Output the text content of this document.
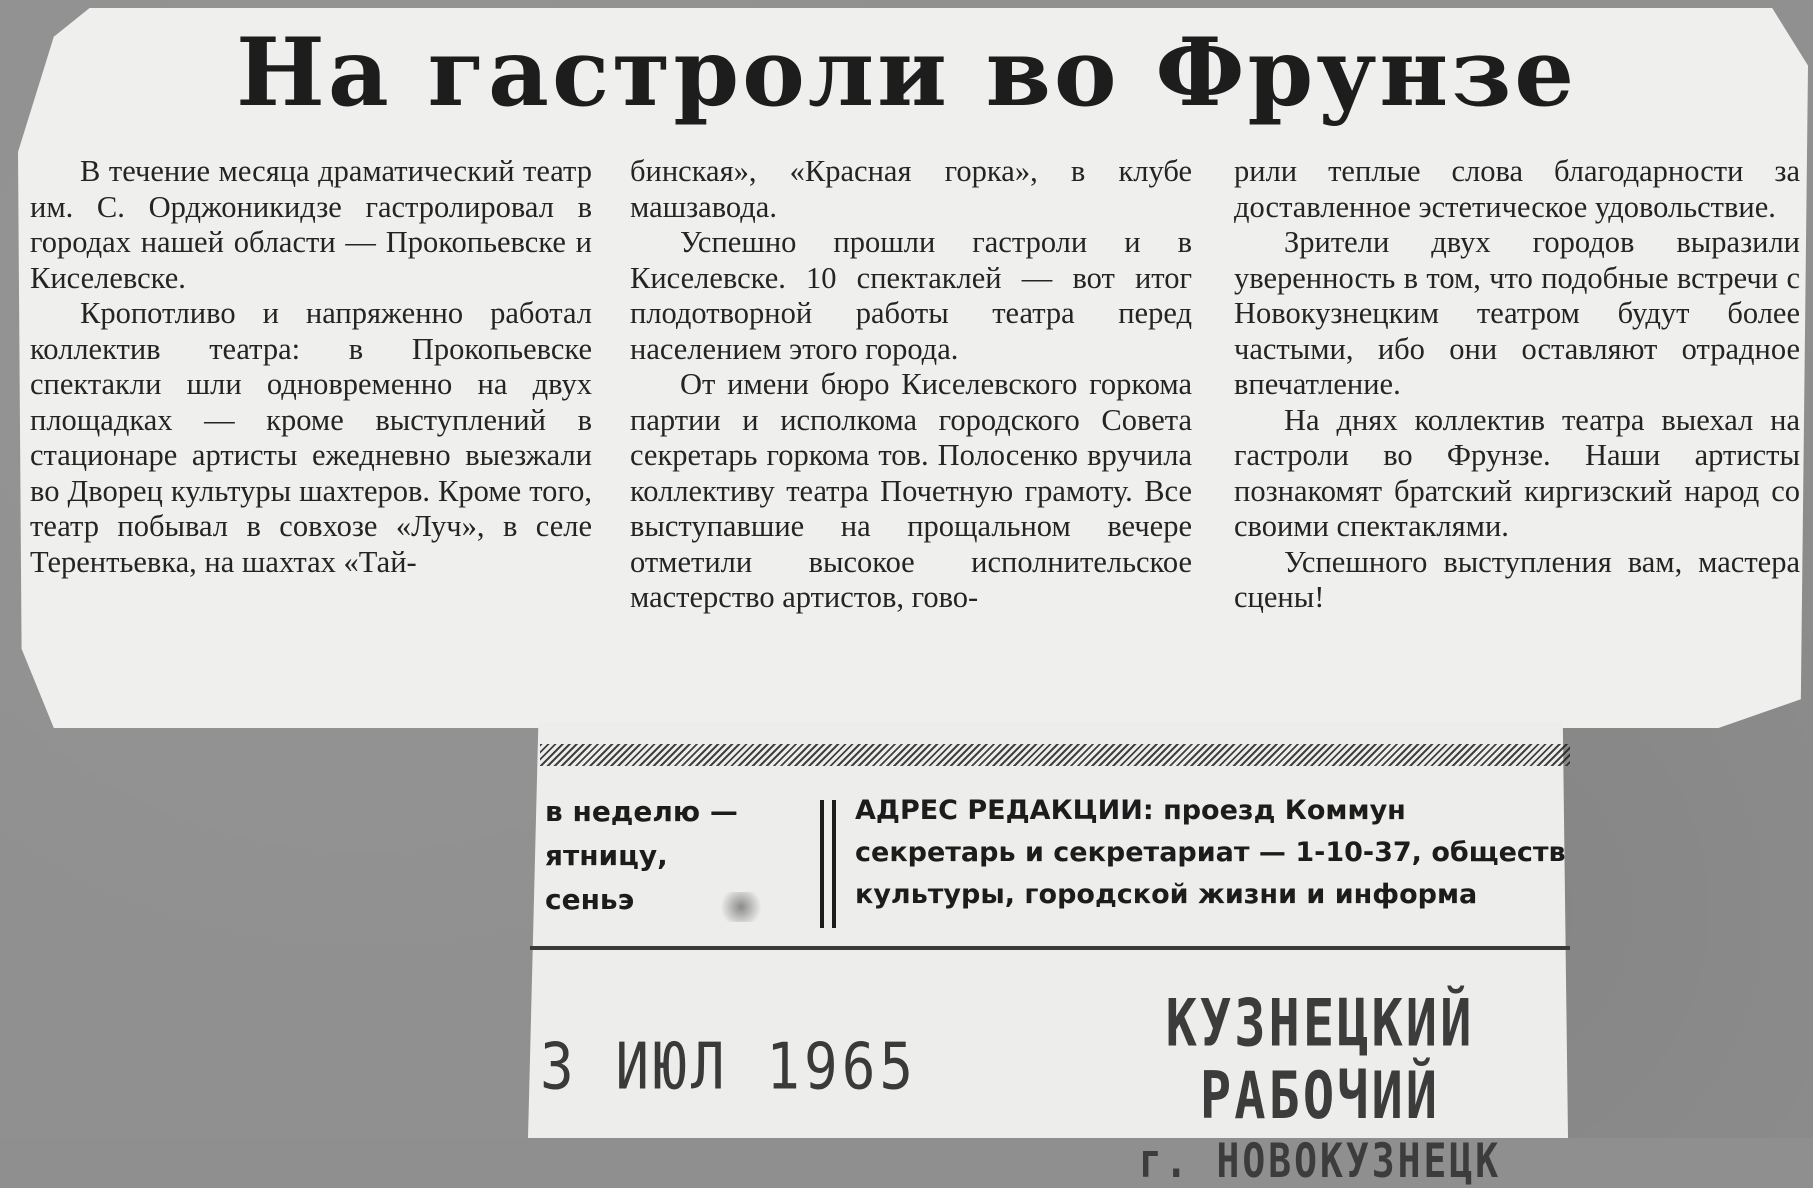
На гастроли во Фрунзе

В течение месяца драматический театр им. С. Орджоникидзе гастролировал в городах нашей области — Прокопьевске и Киселевске.

Кропотливо и напряженно работал коллектив театра: в Прокопьевске спектакли шли одновременно на двух площадках — кроме выступлений в стационаре артисты ежедневно выезжали во Дворец культуры шахтеров. Кроме того, театр побывал в совхозе «Луч», в селе Терентьевка, на шахтах «Тай-

бинская», «Красная горка», в клубе машзавода.

Успешно прошли гастроли и в Киселевске. 10 спектаклей — вот итог плодотворной работы театра перед населением этого города.

От имени бюро Киселевского горкома партии и исполкома городского Совета секретарь горкома тов. Полосенко вручила коллективу театра Почетную грамоту. Все выступавшие на прощальном вечере отметили высокое исполнительское мастерство артистов, гово-

рили теплые слова благодарности за доставленное эстетическое удовольствие.

Зрители двух городов выразили уверенность в том, что подобные встречи с Новокузнецким театром будут более частыми, ибо они оставляют отрадное впечатление.

На днях коллектив театра выехал на гастроли во Фрунзе. Наши артисты познакомят братский киргизский народ со своими спектаклями.

Успешного выступления вам, мастера сцены!

в неделю —
ятницу,
сеньэ
АДРЕС РЕДАКЦИИ: проезд Коммун
секретарь и секретариат — 1-10-37, обществ
культуры, городской жизни и информа
3 ИЮЛ 1965
КУЗНЕЦКИЙ РАБОЧИЙ
г. НОВОКУЗНЕЦК
